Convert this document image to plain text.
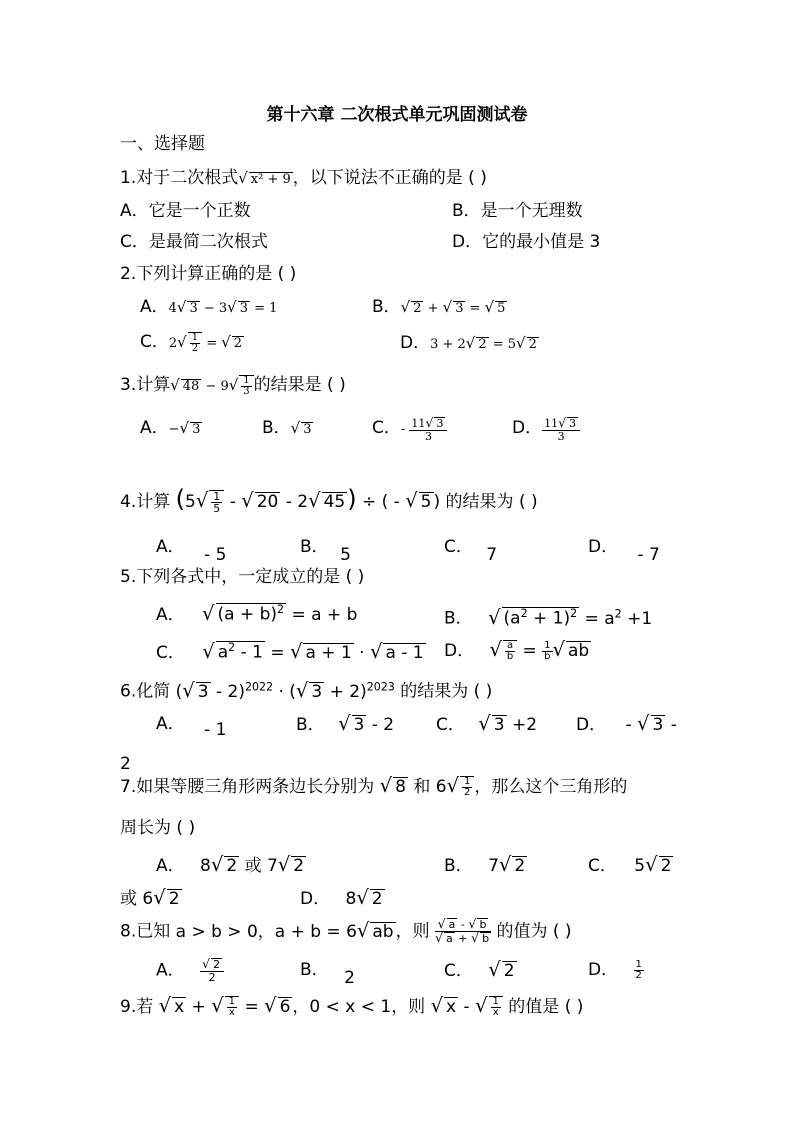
第十六章 二次根式单元巩固测试卷
一、选择题
1.对于二次根式√ x² + 9 ，以下说法不正确的是 ( )
A．它是一个正数	B．是一个无理数
C．是最简二次根式	D．它的最小值是 3
2.下列计算正确的是 ( )
A．4√ 3 − 3√ 3 = 1	B．√ 2 + √ 3 = √ 5
C．$2√ \frac{1}{2}$ = √ 2	D．3 + 2√ 2 = 5√ 2
3.计算√ $48 - 9√ \frac{1}{3}$ 的结果是 ( )
A．−√ 3	B．√ 3	C．- $\frac{11√ 3}{3}$	D． $\frac{11√ 3}{3}$
4.计算 ($5√ \frac{1}{5}$ - √ 20 - 2√ 45) ÷ ( - √ 5 ) 的结果为 ( )
A． - 5	B． 5	C． 7	D． - 7
5.下列各式中，一定成立的是 ( )
A． √ $(a + b)^2 = a + b$	B． √ $(a^2 + 1)^2 = a^2 +1$
C． √ $a^2 - 1$ = √ a + 1 · √ a - 1 D． √ $\frac{a}{b} = \frac{1}{b}$ √ ab
6.化简 (√ 3 - 2)$^{2022}$ · (√ 3 + 2)$^{2023}$ 的结果为 ( )
A． - 1	B． √ 3 - 2 C． √ 3 +2 D． - √ 3 -
2
7.如果等腰三角形两条边长分别为 √ 8 和 $6√ \frac{1}{2}$ ，那么这个三角形的
周长为 ( )
A． 8√ 2 或 7√ 2	B． 7√ 2	C． 5√ 2
或 6√ 2	D． 8√ 2
8.已知 a > b > 0，a + b = 6√ ab ，则 $\frac{√ a - √ b}{√ a + √ b}$ 的值为 ( )
A． $\frac{√ 2}{2}$	B． 2	C． √ 2	D． $\frac{1}{2}$
9.若 √ x + √ $\frac{1}{x}$ = √ 6 ，0 < x < 1，则 √ x - √ $\frac{1}{x}$ 的值是 ( )
